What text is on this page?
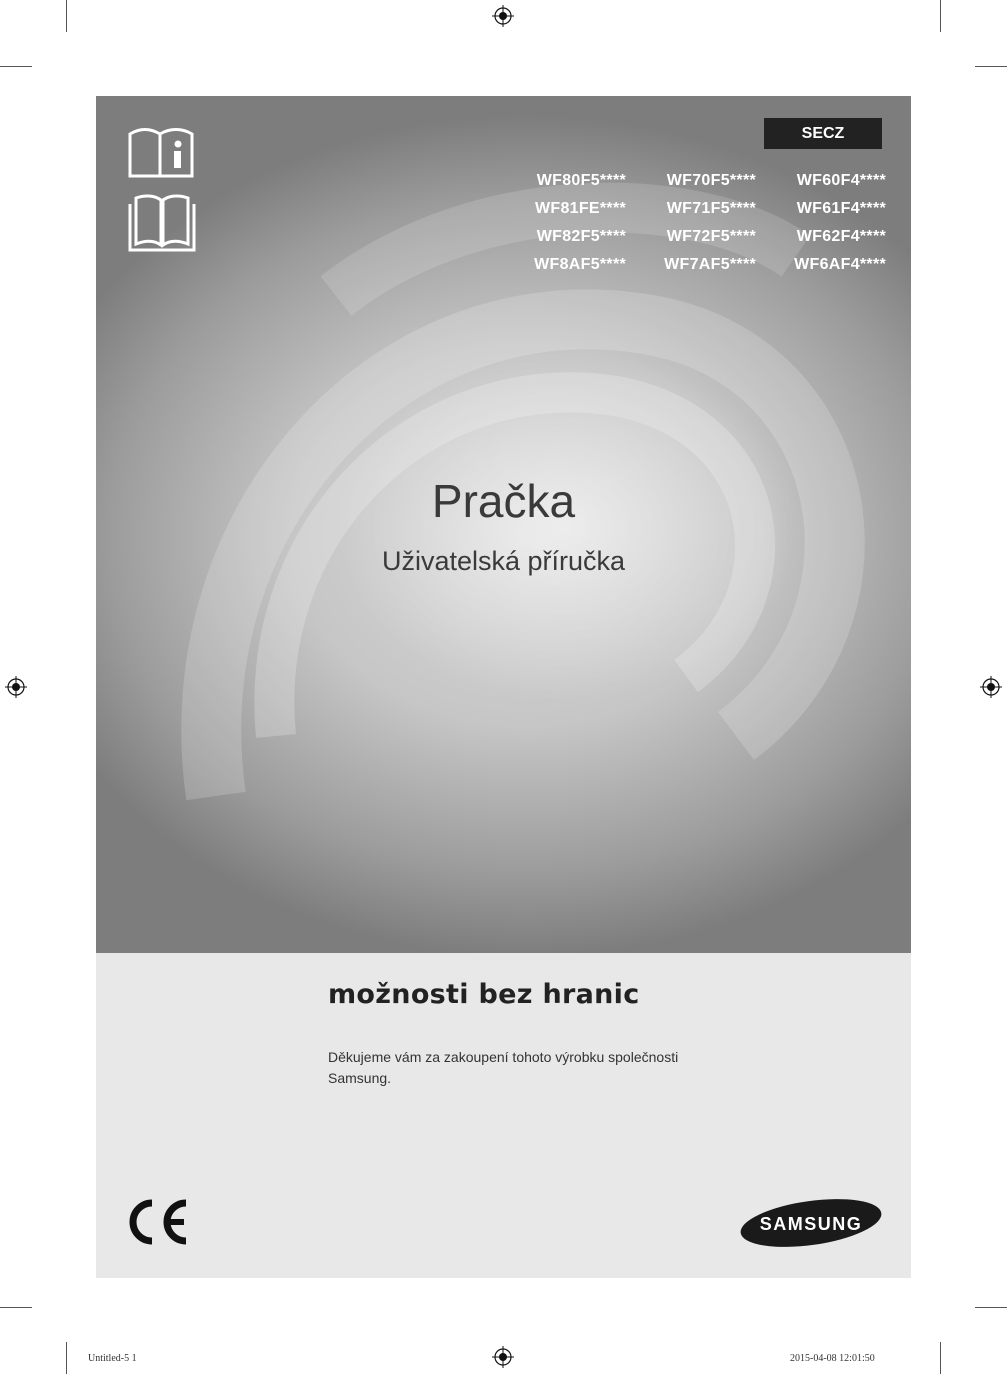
SECZ
WF80F5****	WF70F5****	WF60F4****
WF81FE****	WF71F5****	WF61F4****
WF82F5****	WF72F5****	WF62F4****
WF8AF5****	WF7AF5****	WF6AF4****
Pračka
Uživatelská příručka
možnosti bez hranic
Děkujeme vám za zakoupení tohoto výrobku společnosti Samsung.
SAMSUNG
Untitled-5 1	2015-04-08 12:01:50
